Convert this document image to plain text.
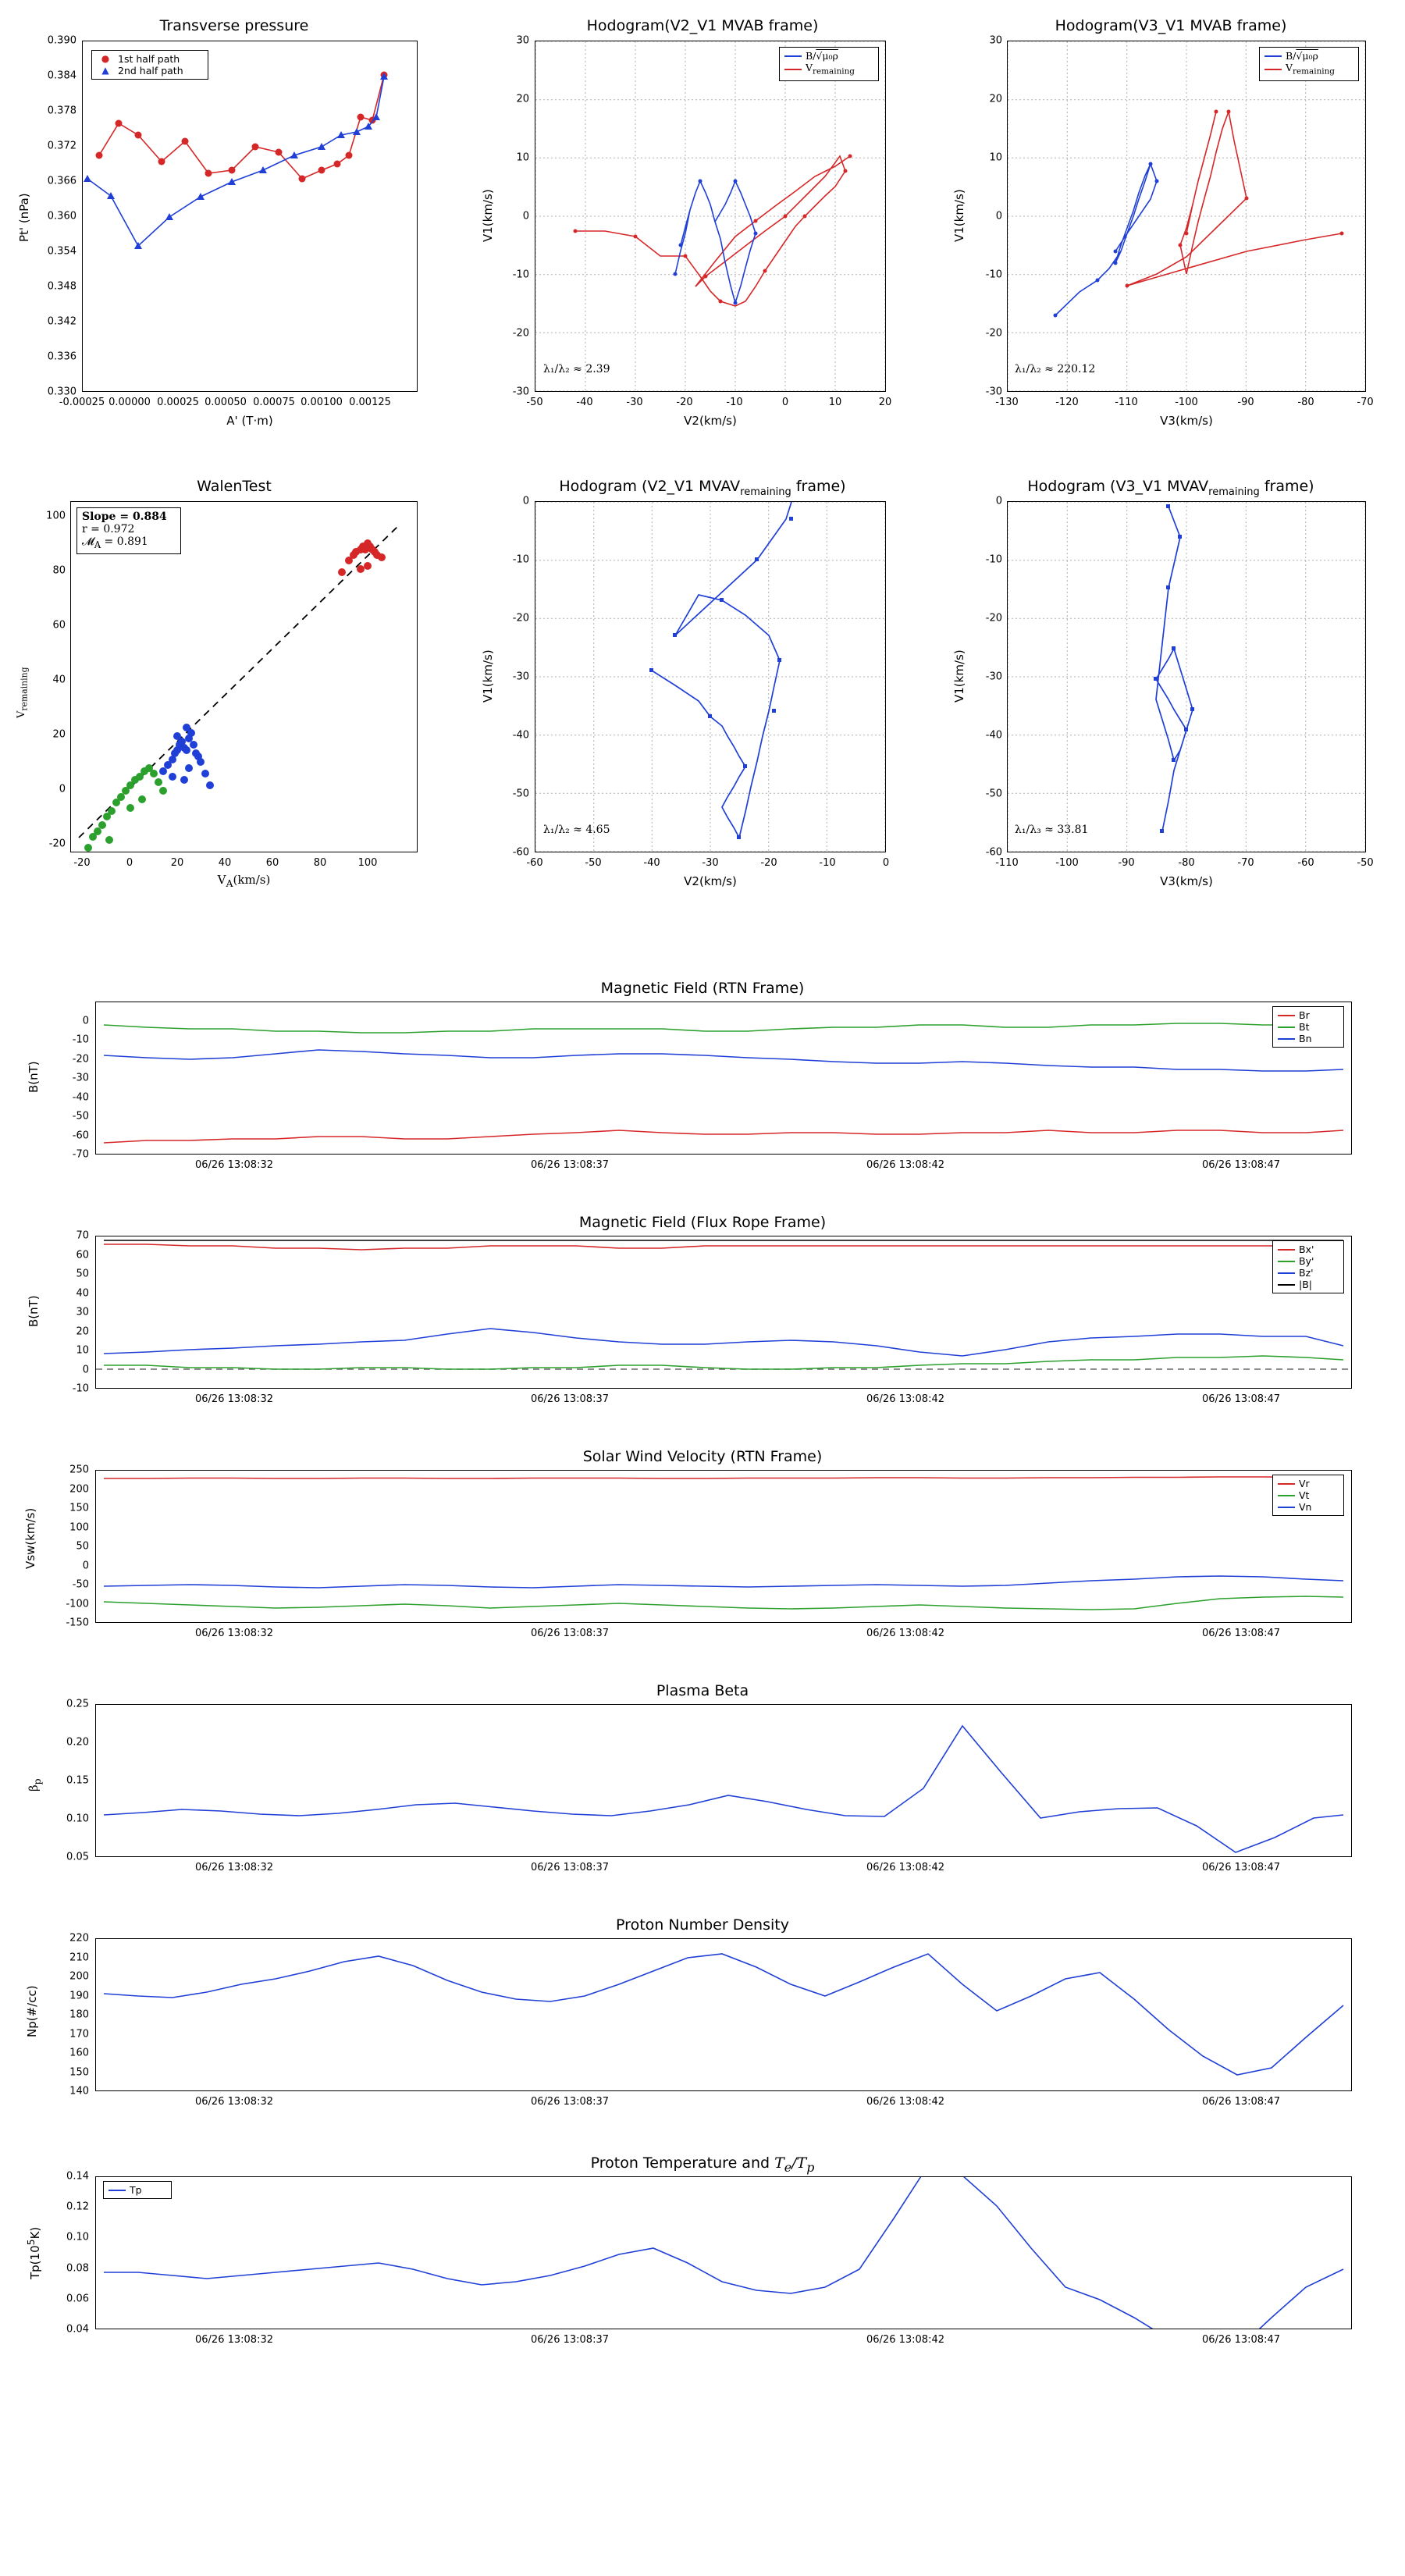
Transverse pressure
● 1st half path
▲ 2nd half path
0.330
0.336
0.342
0.348
0.354
0.360
0.366
0.372
0.378
0.384
0.390
-0.00025 0.00000 0.00025 0.00050 0.00075 0.00100 0.00125
A' (T·m)
Pt' (nPa)
Hodogram(V2_V1 MVAB frame)
B/√μ₀ρ
$V_{remaining}$
λ₁/λ₂ ≈ 2.39
-30
-20
-10
0
10
20
30
-50	-40	-30	-20	-10	0	10	20
V2(km/s)
V1(km/s)
Hodogram(V3_V1 MVAB frame)
B/√μ₀ρ
$V_{remaining}$
λ₁/λ₂ ≈ 220.12
-30
-20
-10
0
10
20
30
-130	-120	-110	-100	-90	-80	-70
V3(km/s)
V1(km/s)
WalenTest
Slope = 0.884
r = 0.972
𝓜$_A$ = 0.891
-20
0
20
40
60
80
100
-20	0	20	40	60	80	100
$V_A(km/s)$
$V_{remaining}$
Hodogram (V2_V1 $MVAV_{remaining}$ frame)
λ₁/λ₂ ≈ 4.65
-60
-50
-40
-30
-20
-10
0
-60	-50	-40	-30	-20	-10	0
V2(km/s)
V1(km/s)
Hodogram (V3_V1 $MVAV_{remaining}$ frame)
λ₁/λ₃ ≈ 33.81
-60
-50
-40
-30
-20
-10
0
-110	-100	-90	-80	-70	-60	-50
V3(km/s)
V1(km/s)
Magnetic Field (RTN Frame)
Br
Bt
Bn
-70
-60
-50
-40
-30
-20
-10
0
06/26 13:08:32	06/26 13:08:37	06/26 13:08:42	06/26 13:08:47
B(nT)
Magnetic Field (Flux Rope Frame)
Bx'
By'
Bz'
|B|
-10
0
10
20
30
40
50
60
70
06/26 13:08:32	06/26 13:08:37	06/26 13:08:42	06/26 13:08:47
B(nT)
Solar Wind Velocity (RTN Frame)
Vr
Vt
Vn
-150
-100
-50
0
50
100
150
200
250
06/26 13:08:32	06/26 13:08:37	06/26 13:08:42	06/26 13:08:47
Vsw(km/s)
Plasma Beta
0.05
0.10
0.15
0.20
0.25
06/26 13:08:32	06/26 13:08:37	06/26 13:08:42	06/26 13:08:47
$\beta_p$
Proton Number Density
140
150
160
170
180
190
200
210
220
06/26 13:08:32	06/26 13:08:37	06/26 13:08:42	06/26 13:08:47
Np(#/cc)
Proton Temperature and $T_e/T_p$
Tp
0.04
0.06
0.08
0.10
0.12
0.14
06/26 13:08:32	06/26 13:08:37	06/26 13:08:42	06/26 13:08:47
$Tp(10^5K)$
